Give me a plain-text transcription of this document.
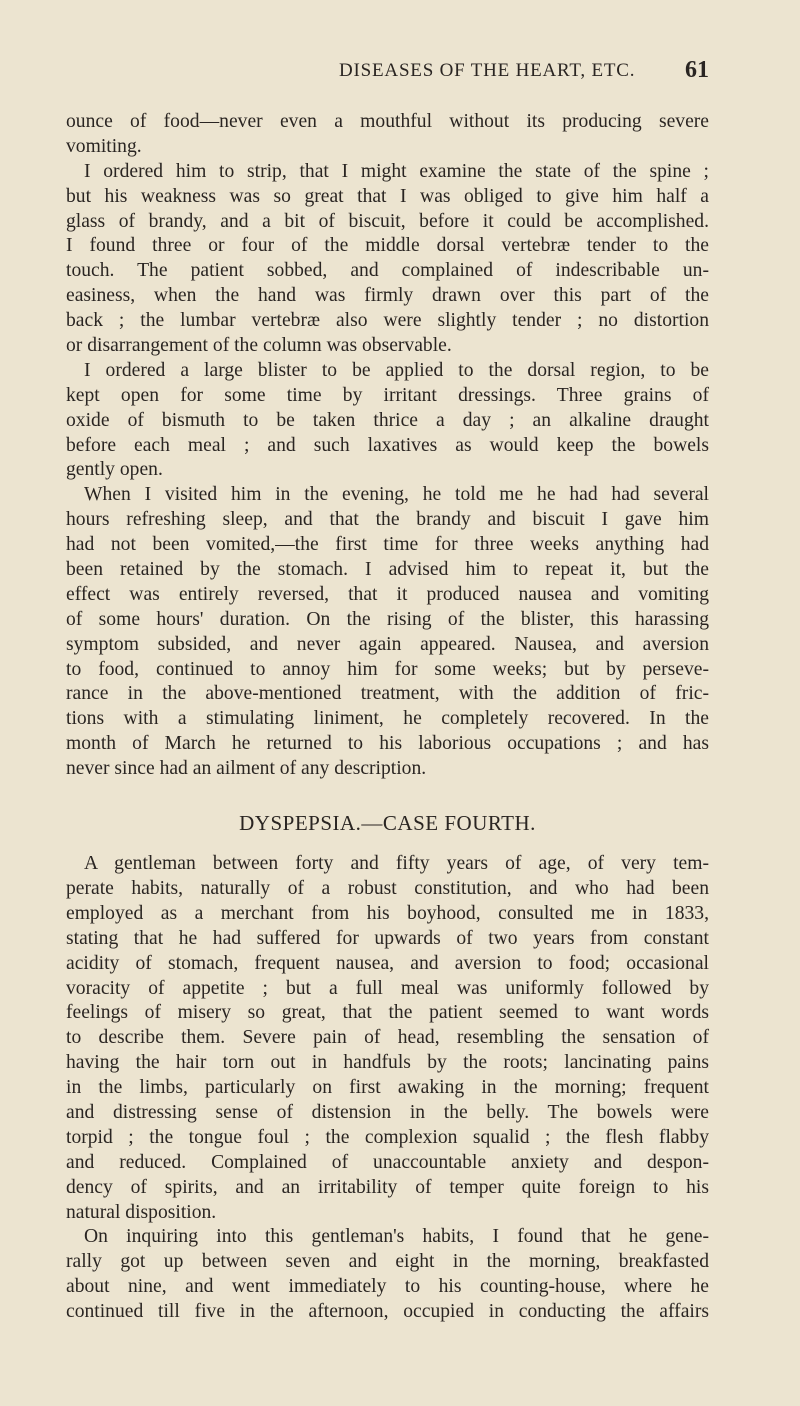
DISEASES OF THE HEART, ETC. 61
ounce of food—never even a mouthful without its producing severe
vomiting.
I ordered him to strip, that I might examine the state of the spine ;
but his weakness was so great that I was obliged to give him half a
glass of brandy, and a bit of biscuit, before it could be accomplished.
I found three or four of the middle dorsal vertebræ tender to the
touch. The patient sobbed, and complained of indescribable un-
easiness, when the hand was firmly drawn over this part of the
back ; the lumbar vertebræ also were slightly tender ; no distortion
or disarrangement of the column was observable.
I ordered a large blister to be applied to the dorsal region, to be
kept open for some time by irritant dressings. Three grains of
oxide of bismuth to be taken thrice a day ; an alkaline draught
before each meal ; and such laxatives as would keep the bowels
gently open.
When I visited him in the evening, he told me he had had several
hours refreshing sleep, and that the brandy and biscuit I gave him
had not been vomited,—the first time for three weeks anything had
been retained by the stomach. I advised him to repeat it, but the
effect was entirely reversed, that it produced nausea and vomiting
of some hours' duration. On the rising of the blister, this harassing
symptom subsided, and never again appeared. Nausea, and aversion
to food, continued to annoy him for some weeks; but by perseve-
rance in the above-mentioned treatment, with the addition of fric-
tions with a stimulating liniment, he completely recovered. In the
month of March he returned to his laborious occupations ; and has
never since had an ailment of any description.
DYSPEPSIA.—CASE FOURTH.
A gentleman between forty and fifty years of age, of very tem-
perate habits, naturally of a robust constitution, and who had been
employed as a merchant from his boyhood, consulted me in 1833,
stating that he had suffered for upwards of two years from constant
acidity of stomach, frequent nausea, and aversion to food; occasional
voracity of appetite ; but a full meal was uniformly followed by
feelings of misery so great, that the patient seemed to want words
to describe them. Severe pain of head, resembling the sensation of
having the hair torn out in handfuls by the roots; lancinating pains
in the limbs, particularly on first awaking in the morning; frequent
and distressing sense of distension in the belly. The bowels were
torpid ; the tongue foul ; the complexion squalid ; the flesh flabby
and reduced. Complained of unaccountable anxiety and despon-
dency of spirits, and an irritability of temper quite foreign to his
natural disposition.
On inquiring into this gentleman's habits, I found that he gene-
rally got up between seven and eight in the morning, breakfasted
about nine, and went immediately to his counting-house, where he
continued till five in the afternoon, occupied in conducting the affairs
